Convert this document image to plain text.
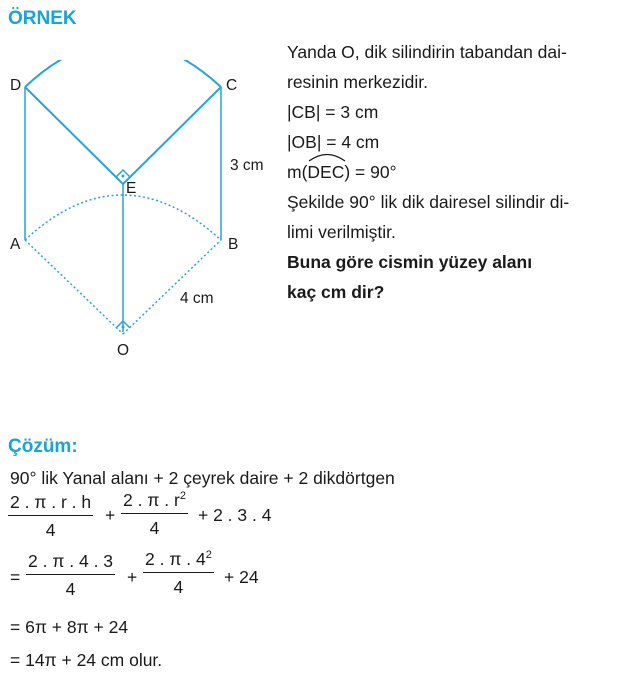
ÖRNEK
D	C
E
A	B
O
3 cm
4 cm
Yanda O, dik silindirin tabandan dai-
resinin merkezidir.
|CB| = 3 cm
|OB| = 4 cm
m(
DEC) = 90°
Şekilde 90° lik dik dairesel silindir di-
limi verilmiştir.
Buna göre cismin yüzey alanı
kaç cm dir?
Çözüm:
90° lik Yanal alanı + 2 çeyrek daire + 2 dikdörtgen
$\frac{2 . \pi . r . h}{4} + \frac{2 . \pi . r^2}{4} + 2$ . 3 . 4
= $\frac{2 . \pi . 4 . 3}{4} + \frac{2 . \pi . 4^2}{4} + 24$
= 6π + 8π + 24
= 14π + 24 cm olur.
